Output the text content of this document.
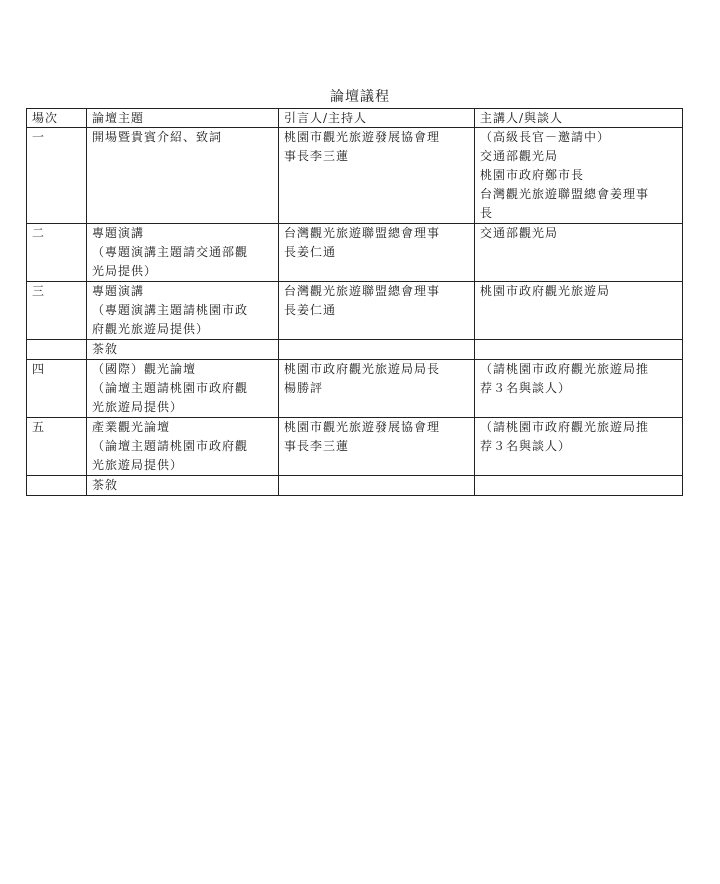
論壇議程
場次	論壇主題	引言人/主持人	主講人/與談人
一	開場暨貴賓介紹、致詞	桃園市觀光旅遊發展協會理
事長李三蓮	（高級長官－邀請中）
交通部觀光局
桃園市政府鄭市長
台灣觀光旅遊聯盟總會姜理事
長

二	專題演講
（專題演講主題請交通部觀
光局提供）	台灣觀光旅遊聯盟總會理事
長姜仁通	交通部觀光局

三	專題演講
（專題演講主題請桃園市政
府觀光旅遊局提供）	台灣觀光旅遊聯盟總會理事
長姜仁通	桃園市政府觀光旅遊局

	茶敘		

四	（國際）觀光論壇
（論壇主題請桃園市政府觀
光旅遊局提供）	桃園市政府觀光旅遊局局長
楊勝評	（請桃園市政府觀光旅遊局推
荐３名與談人）

五	產業觀光論壇
（論壇主題請桃園市政府觀
光旅遊局提供）	桃園市觀光旅遊發展協會理
事長李三蓮	（請桃園市政府觀光旅遊局推
荐３名與談人）

	茶敘		
